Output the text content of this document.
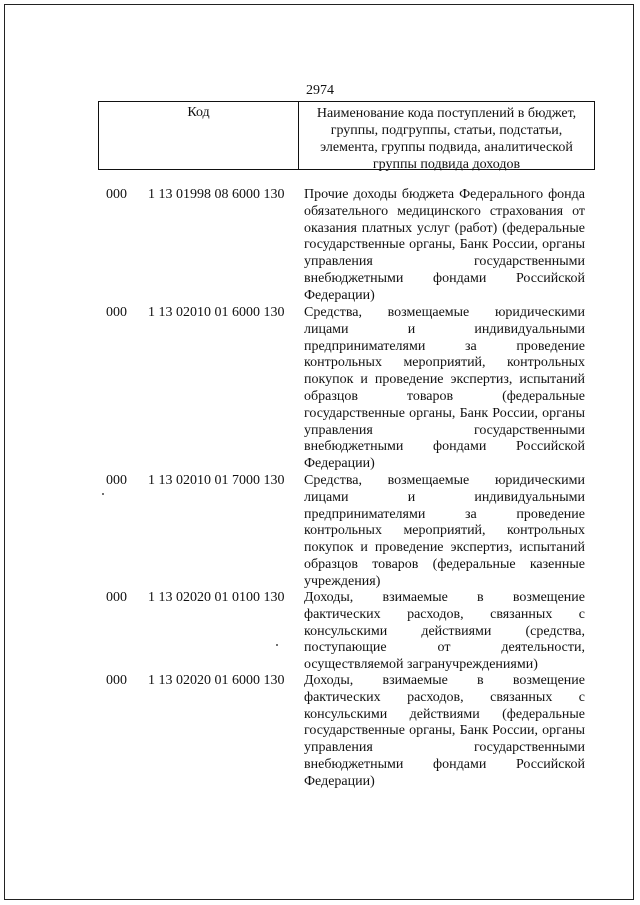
2974
Код	Наименование кода поступлений в бюджет, группы, подгруппы, статьи, подстатьи, элемента, группы подвида, аналитической группы подвида доходов
000 1 13 01998 08 6000 130 Прочие доходы бюджета Федерального фонда обязательного медицинского страхования от оказания платных услуг (работ) (федеральные государственные органы, Банк России, органы управления государственными внебюджетными фондами Российской Федерации)
000 1 13 02010 01 6000 130 Средства, возмещаемые юридическими лицами и индивидуальными предпринимателями за проведение контрольных мероприятий, контрольных покупок и проведение экспертиз, испытаний образцов товаров (федеральные государственные органы, Банк России, органы управления государственными внебюджетными фондами Российской Федерации)
000 1 13 02010 01 7000 130 Средства, возмещаемые юридическими лицами и индивидуальными предпринимателями за проведение контрольных мероприятий, контрольных покупок и проведение экспертиз, испытаний образцов товаров (федеральные казенные учреждения)
000 1 13 02020 01 0100 130 Доходы, взимаемые в возмещение фактических расходов, связанных с консульскими действиями (средства, поступающие от деятельности, осуществляемой загранучреждениями)
000 1 13 02020 01 6000 130 Доходы, взимаемые в возмещение фактических расходов, связанных с консульскими действиями (федеральные государственные органы, Банк России, органы управления государственными внебюджетными фондами Российской Федерации)
